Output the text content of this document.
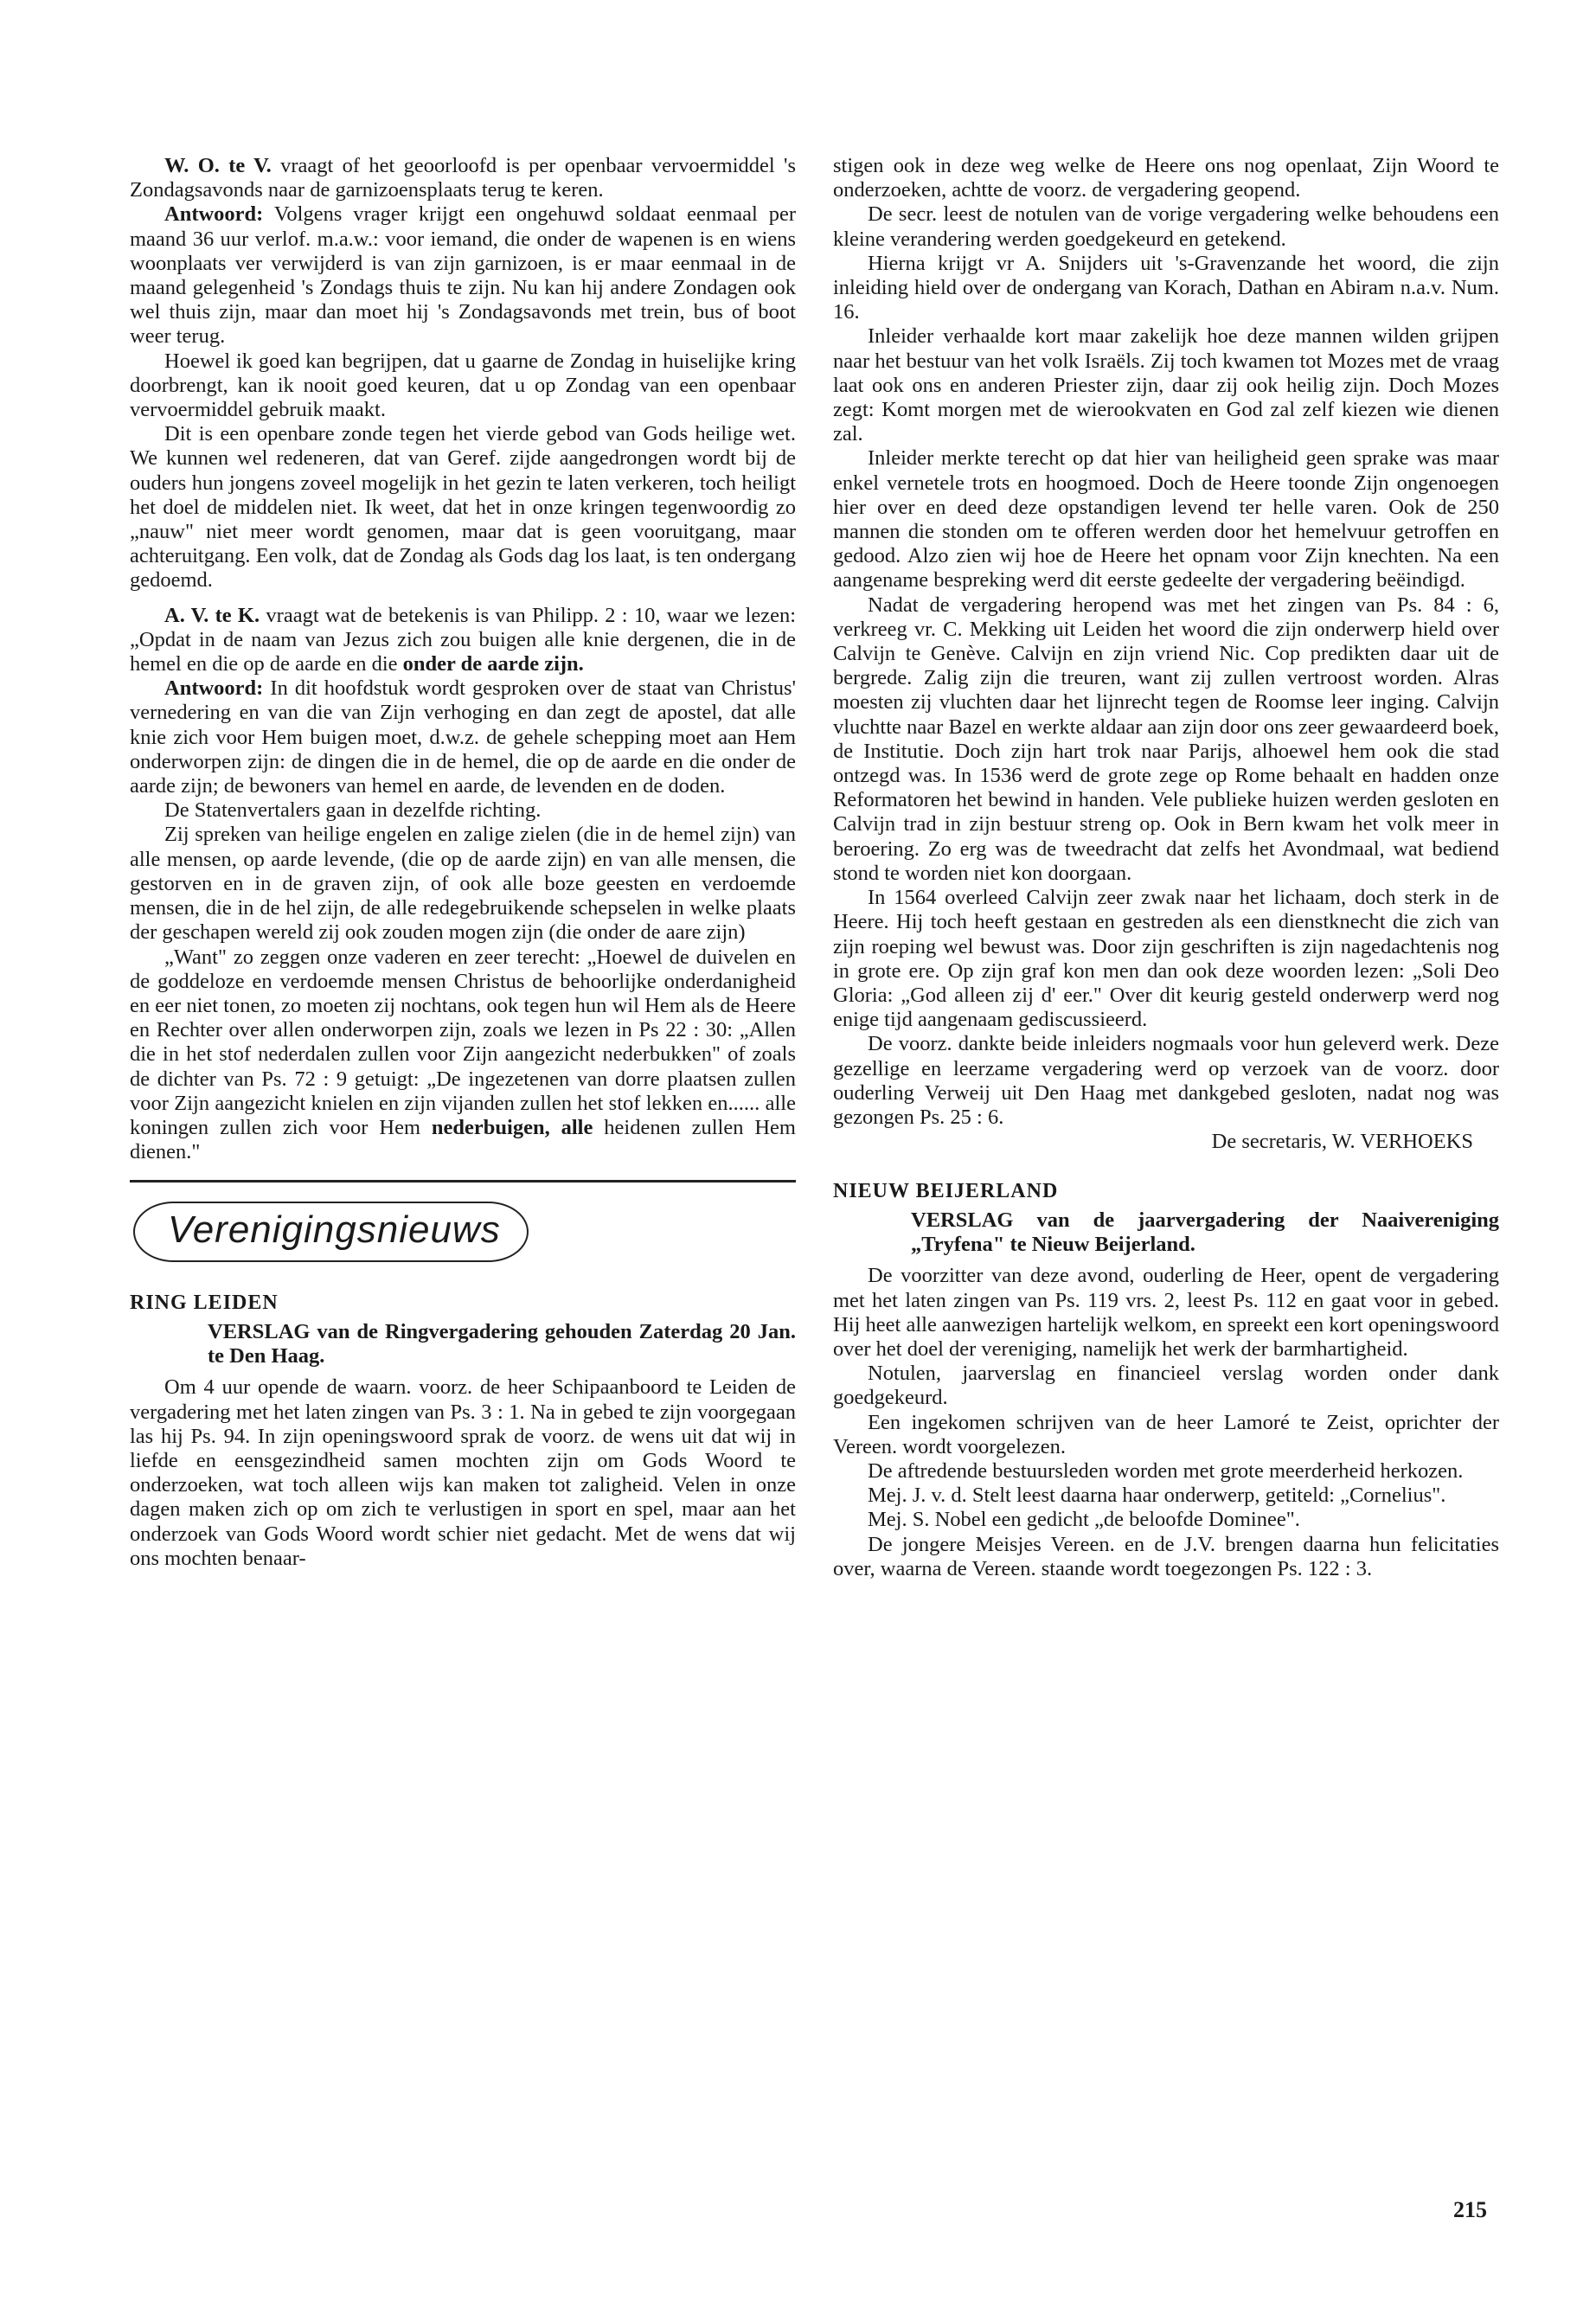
W. O. te V. vraagt of het geoorloofd is per openbaar vervoermiddel 's Zondagsavonds naar de garnizoensplaats terug te keren.

Antwoord: Volgens vrager krijgt een ongehuwd soldaat eenmaal per maand 36 uur verlof. m.a.w.: voor iemand, die onder de wapenen is en wiens woonplaats ver verwijderd is van zijn garnizoen, is er maar eenmaal in de maand gelegenheid 's Zondags thuis te zijn. Nu kan hij andere Zondagen ook wel thuis zijn, maar dan moet hij 's Zondagsavonds met trein, bus of boot weer terug.

Hoewel ik goed kan begrijpen, dat u gaarne de Zondag in huiselijke kring doorbrengt, kan ik nooit goed keuren, dat u op Zondag van een openbaar vervoermiddel gebruik maakt.

Dit is een openbare zonde tegen het vierde gebod van Gods heilige wet. We kunnen wel redeneren, dat van Geref. zijde aangedrongen wordt bij de ouders hun jongens zoveel mogelijk in het gezin te laten verkeren, toch heiligt het doel de middelen niet. Ik weet, dat het in onze kringen tegenwoordig zo „nauw" niet meer wordt genomen, maar dat is geen vooruitgang, maar achteruitgang. Een volk, dat de Zondag als Gods dag los laat, is ten ondergang gedoemd.

A. V. te K. vraagt wat de betekenis is van Philipp. 2 : 10, waar we lezen: „Opdat in de naam van Jezus zich zou buigen alle knie dergenen, die in de hemel en die op de aarde en die onder de aarde zijn.

Antwoord: In dit hoofdstuk wordt gesproken over de staat van Christus' vernedering en van die van Zijn verhoging en dan zegt de apostel, dat alle knie zich voor Hem buigen moet, d.w.z. de gehele schepping moet aan Hem onderworpen zijn: de dingen die in de hemel, die op de aarde en die onder de aarde zijn; de bewoners van hemel en aarde, de levenden en de doden.

De Statenvertalers gaan in dezelfde richting.

Zij spreken van heilige engelen en zalige zielen (die in de hemel zijn) van alle mensen, op aarde levende, (die op de aarde zijn) en van alle mensen, die gestorven en in de graven zijn, of ook alle boze geesten en verdoemde mensen, die in de hel zijn, de alle redegebruikende schepselen in welke plaats der geschapen wereld zij ook zouden mogen zijn (die onder de aare zijn)

„Want" zo zeggen onze vaderen en zeer terecht: „Hoewel de duivelen en de goddeloze en verdoemde mensen Christus de behoorlijke onderdanigheid en eer niet tonen, zo moeten zij nochtans, ook tegen hun wil Hem als de Heere en Rechter over allen onderworpen zijn, zoals we lezen in Ps 22 : 30: „Allen die in het stof nederdalen zullen voor Zijn aangezicht nederbukken" of zoals de dichter van Ps. 72 : 9 getuigt: „De ingezetenen van dorre plaatsen zullen voor Zijn aangezicht knielen en zijn vijanden zullen het stof lekken en...... alle koningen zullen zich voor Hem nederbuigen, alle heidenen zullen Hem dienen."

Verenigingsnieuws
RING LEIDEN
VERSLAG van de Ringvergadering gehouden Zaterdag 20 Jan. te Den Haag.

Om 4 uur opende de waarn. voorz. de heer Schipaanboord te Leiden de vergadering met het laten zingen van Ps. 3 : 1. Na in gebed te zijn voorgegaan las hij Ps. 94. In zijn openingswoord sprak de voorz. de wens uit dat wij in liefde en eensgezindheid samen mochten zijn om Gods Woord te onderzoeken, wat toch alleen wijs kan maken tot zaligheid. Velen in onze dagen maken zich op om zich te verlustigen in sport en spel, maar aan het onderzoek van Gods Woord wordt schier niet gedacht. Met de wens dat wij ons mochten benaar-

stigen ook in deze weg welke de Heere ons nog openlaat, Zijn Woord te onderzoeken, achtte de voorz. de vergadering geopend.

De secr. leest de notulen van de vorige vergadering welke behoudens een kleine verandering werden goedgekeurd en getekend.

Hierna krijgt vr A. Snijders uit 's-Gravenzande het woord, die zijn inleiding hield over de ondergang van Korach, Dathan en Abiram n.a.v. Num. 16.

Inleider verhaalde kort maar zakelijk hoe deze mannen wilden grijpen naar het bestuur van het volk Israëls. Zij toch kwamen tot Mozes met de vraag laat ook ons en anderen Priester zijn, daar zij ook heilig zijn. Doch Mozes zegt: Komt morgen met de wierookvaten en God zal zelf kiezen wie dienen zal.

Inleider merkte terecht op dat hier van heiligheid geen sprake was maar enkel vernetele trots en hoogmoed. Doch de Heere toonde Zijn ongenoegen hier over en deed deze opstandigen levend ter helle varen. Ook de 250 mannen die stonden om te offeren werden door het hemelvuur getroffen en gedood. Alzo zien wij hoe de Heere het opnam voor Zijn knechten. Na een aangename bespreking werd dit eerste gedeelte der vergadering beëindigd.

Nadat de vergadering heropend was met het zingen van Ps. 84 : 6, verkreeg vr. C. Mekking uit Leiden het woord die zijn onderwerp hield over Calvijn te Genève. Calvijn en zijn vriend Nic. Cop predikten daar uit de bergrede. Zalig zijn die treuren, want zij zullen vertroost worden. Alras moesten zij vluchten daar het lijnrecht tegen de Roomse leer inging. Calvijn vluchtte naar Bazel en werkte aldaar aan zijn door ons zeer gewaardeerd boek, de Institutie. Doch zijn hart trok naar Parijs, alhoewel hem ook die stad ontzegd was. In 1536 werd de grote zege op Rome behaalt en hadden onze Reformatoren het bewind in handen. Vele publieke huizen werden gesloten en Calvijn trad in zijn bestuur streng op. Ook in Bern kwam het volk meer in beroering. Zo erg was de tweedracht dat zelfs het Avondmaal, wat bediend stond te worden niet kon doorgaan.

In 1564 overleed Calvijn zeer zwak naar het lichaam, doch sterk in de Heere. Hij toch heeft gestaan en gestreden als een dienstknecht die zich van zijn roeping wel bewust was. Door zijn geschriften is zijn nagedachtenis nog in grote ere. Op zijn graf kon men dan ook deze woorden lezen: „Soli Deo Gloria: „God alleen zij d' eer." Over dit keurig gesteld onderwerp werd nog enige tijd aangenaam gediscussieerd.

De voorz. dankte beide inleiders nogmaals voor hun geleverd werk. Deze gezellige en leerzame vergadering werd op verzoek van de voorz. door ouderling Verweij uit Den Haag met dankgebed gesloten, nadat nog was gezongen Ps. 25 : 6.

De secretaris, W. VERHOEKS

NIEUW BEIJERLAND
VERSLAG van de jaarvergadering der Naaivereniging „Tryfena" te Nieuw Beijerland.

De voorzitter van deze avond, ouderling de Heer, opent de vergadering met het laten zingen van Ps. 119 vrs. 2, leest Ps. 112 en gaat voor in gebed. Hij heet alle aanwezigen hartelijk welkom, en spreekt een kort openingswoord over het doel der vereniging, namelijk het werk der barmhartigheid.

Notulen, jaarverslag en financieel verslag worden onder dank goedgekeurd.

Een ingekomen schrijven van de heer Lamoré te Zeist, oprichter der Vereen. wordt voorgelezen.

De aftredende bestuursleden worden met grote meerderheid herkozen.

Mej. J. v. d. Stelt leest daarna haar onderwerp, getiteld: „Cornelius".

Mej. S. Nobel een gedicht „de beloofde Dominee".

De jongere Meisjes Vereen. en de J.V. brengen daarna hun felicitaties over, waarna de Vereen. staande wordt toegezongen Ps. 122 : 3.

215
